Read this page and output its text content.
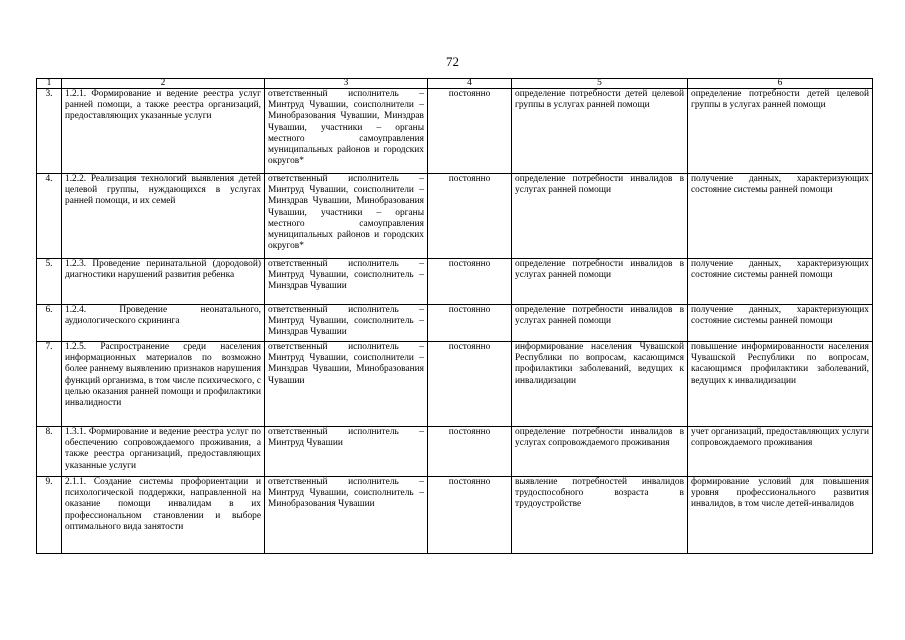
72
1	2	3	4	5	6
3.	1.2.1. Формирование и ведение реестра услуг ранней помощи, а также реестра организаций, предоставляющих указанные услуги	ответственный исполнитель – Минтруд Чувашии, соисполнители – Минобразования Чувашии, Минздрав Чувашии, участники – органы местного самоуправления муниципальных районов и городских округов*	постоянно	определение потребности детей целевой группы в услугах ранней помощи	определение потребности детей целевой группы в услугах ранней помощи
4.	1.2.2. Реализация технологий выявления детей целевой группы, нуждающихся в услугах ранней помощи, и их семей	ответственный исполнитель – Минтруд Чувашии, соисполнители – Минздрав Чувашии, Минобразования Чувашии, участники – органы местного самоуправления муниципальных районов и городских округов*	постоянно	определение потребности инвалидов в услугах ранней помощи	получение данных, характеризующих состояние системы ранней помощи
5.	1.2.3. Проведение перинатальной (дородовой) диагностики нарушений развития ребенка	ответственный исполнитель – Минтруд Чувашии, соисполнитель – Минздрав Чувашии	постоянно	определение потребности инвалидов в услугах ранней помощи	получение данных, характеризующих состояние системы ранней помощи
6.	1.2.4. Проведение неонатального, аудиологического скрининга	ответственный исполнитель – Минтруд Чувашии, соисполнитель – Минздрав Чувашии	постоянно	определение потребности инвалидов в услугах ранней помощи	получение данных, характеризующих состояние системы ранней помощи
7.	1.2.5. Распространение среди населения информационных материалов по возможно более раннему выявлению признаков нарушения функций организма, в том числе психического, с целью оказания ранней помощи и профилактики инвалидности	ответственный исполнитель – Минтруд Чувашии, соисполнители – Минздрав Чувашии, Минобразования Чувашии	постоянно	информирование населения Чувашской Республики по вопросам, касающимся профилактики заболеваний, ведущих к инвалидизации	повышение информированности населения Чувашской Республики по вопросам, касающимся профилактики заболеваний, ведущих к инвалидизации
8.	1.3.1. Формирование и ведение реестра услуг по обеспечению сопровождаемого проживания, а также реестра организаций, предоставляющих указанные услуги	ответственный исполнитель – Минтруд Чувашии	постоянно	определение потребности инвалидов в услугах сопровождаемого проживания	учет организаций, предоставляющих услуги сопровождаемого проживания
9.	2.1.1. Создание системы профориентации и психологической поддержки, направленной на оказание помощи инвалидам в их профессиональном становлении и выборе оптимального вида занятости	ответственный исполнитель – Минтруд Чувашии, соисполнитель – Минобразования Чувашии	постоянно	выявление потребностей инвалидов трудоспособного возраста в трудоустройстве	формирование условий для повышения уровня профессионального развития инвалидов, в том числе детей-инвалидов
